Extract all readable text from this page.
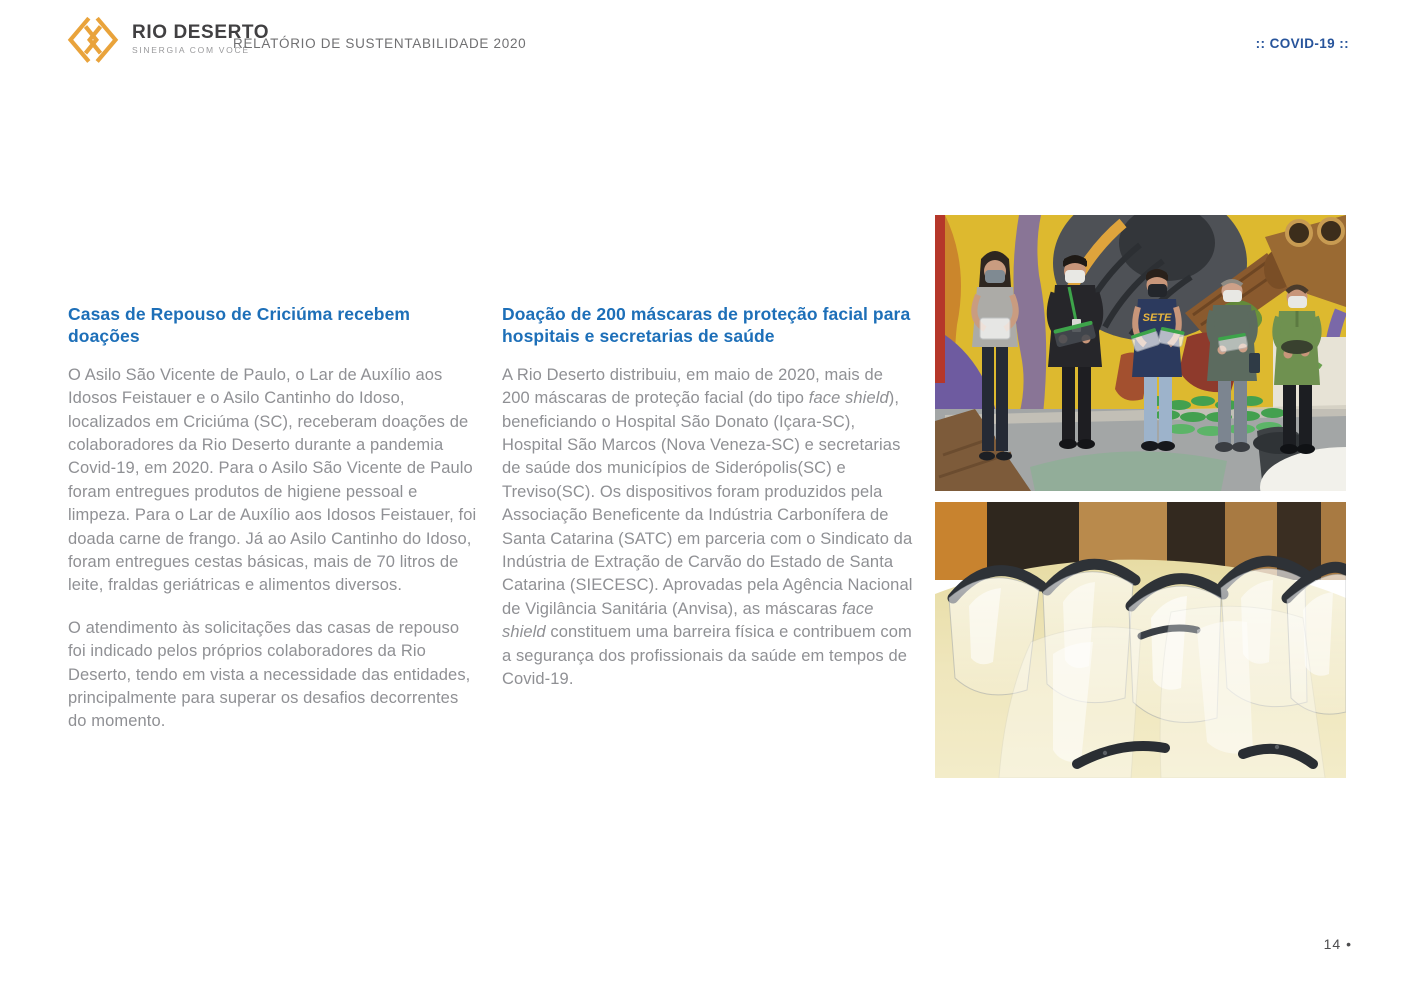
RIO DESERTO
SINERGIA COM VOCÊ
RELATÓRIO DE SUSTENTABILIDADE 2020	:: COVID-19 ::
Casas de Repouso de Criciúma recebem doações

O Asilo São Vicente de Paulo, o Lar de Auxílio aos Idosos Feistauer e o Asilo Cantinho do Idoso, localizados em Criciúma (SC), receberam doações de colaboradores da Rio Deserto durante a pandemia Covid-19, em 2020. Para o Asilo São Vicente de Paulo foram entregues produtos de higiene pessoal e limpeza. Para o Lar de Auxílio aos Idosos Feistauer, foi doada carne de frango. Já ao Asilo Cantinho do Idoso, foram entregues cestas básicas, mais de 70 litros de leite, fraldas geriátricas e alimentos diversos.

O atendimento às solicitações das casas de repouso foi indicado pelos próprios colaboradores da Rio Deserto, tendo em vista a necessidade das entidades, principalmente para superar os desafios decorrentes do momento.

Doação de 200 máscaras de proteção facial para hospitais e secretarias de saúde

A Rio Deserto distribuiu, em maio de 2020, mais de 200 máscaras de proteção facial (do tipo face shield), beneficiando o Hospital São Donato (Içara-SC), Hospital São Marcos (Nova Veneza-SC) e secretarias de saúde dos municípios de Siderópolis(SC) e Treviso(SC). Os dispositivos foram produzidos pela Associação Beneficente da Indústria Carbonífera de Santa Catarina (SATC) em parceria com o Sindicato da Indústria de Extração de Carvão do Estado de Santa Catarina (SIECESC). Aprovadas pela Agência Nacional de Vigilância Sanitária (Anvisa), as máscaras face shield constituem uma barreira física e contribuem com a segurança dos profissionais da saúde em tempos de Covid-19.

SETE
14 •
